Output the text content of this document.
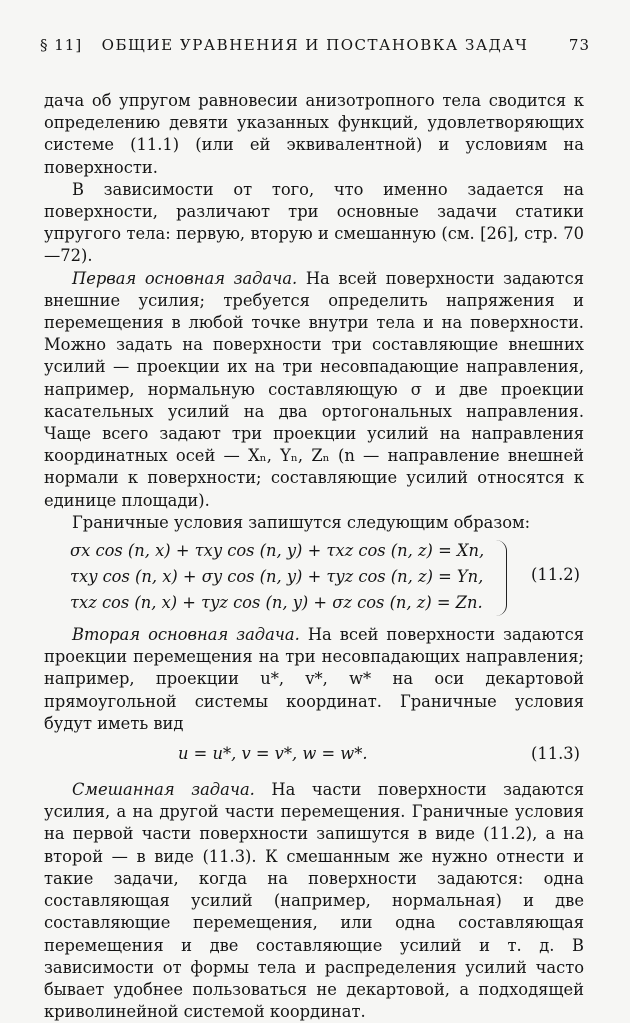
§ 11]	ОБЩИЕ УРАВНЕНИЯ И ПОСТАНОВКА ЗАДАЧ	73

дача об упругом равновесии анизотропного тела сводится к определению девяти указанных функций, удовлетворяющих системе (11.1) (или ей эквивалентной) и условиям на поверхности.

В зависимости от того, что именно задается на поверхности, различают три основные задачи статики упругого тела: первую, вторую и смешанную (см. [26], стр. 70—72).

Первая основная задача. На всей поверхности задаются внешние усилия; требуется определить напряжения и перемещения в любой точке внутри тела и на поверхности. Можно задать на поверхности три составляющие внешних усилий — проекции их на три несовпадающие направления, например, нормальную составляющую σ и две проекции касательных усилий на два ортогональных направления. Чаще всего задают три проекции усилий на направления координатных осей — Xₙ, Yₙ, Zₙ (n — направление внешней нормали к поверхности; составляющие усилий относятся к единице площади).

Граничные условия запишутся следующим образом:

σx cos (n, x) + τxy cos (n, y) + τxz cos (n, z) = Xn,
τxy cos (n, x) + σy cos (n, y) + τyz cos (n, z) = Yn,
τxz cos (n, x) + τyz cos (n, y) + σz cos (n, z) = Zn.
(11.2)

Вторая основная задача. На всей поверхности задаются проекции перемещения на три несовпадающих направления; например, проекции u*, v*, w* на оси декартовой прямоугольной системы координат. Граничные условия будут иметь вид

u = u*, v = v*, w = w*.	(11.3)

Смешанная задача. На части поверхности задаются усилия, а на другой части перемещения. Граничные условия на первой части поверхности запишутся в виде (11.2), а на второй — в виде (11.3). К смешанным же нужно отнести и такие задачи, когда на поверхности задаются: одна составляющая усилий (например, нормальная) и две составляющие перемещения, или одна составляющая перемещения и две составляющие усилий и т. д. В зависимости от формы тела и распределения усилий часто бывает удобнее пользоваться не декартовой, а подходящей криволинейной системой координат.
